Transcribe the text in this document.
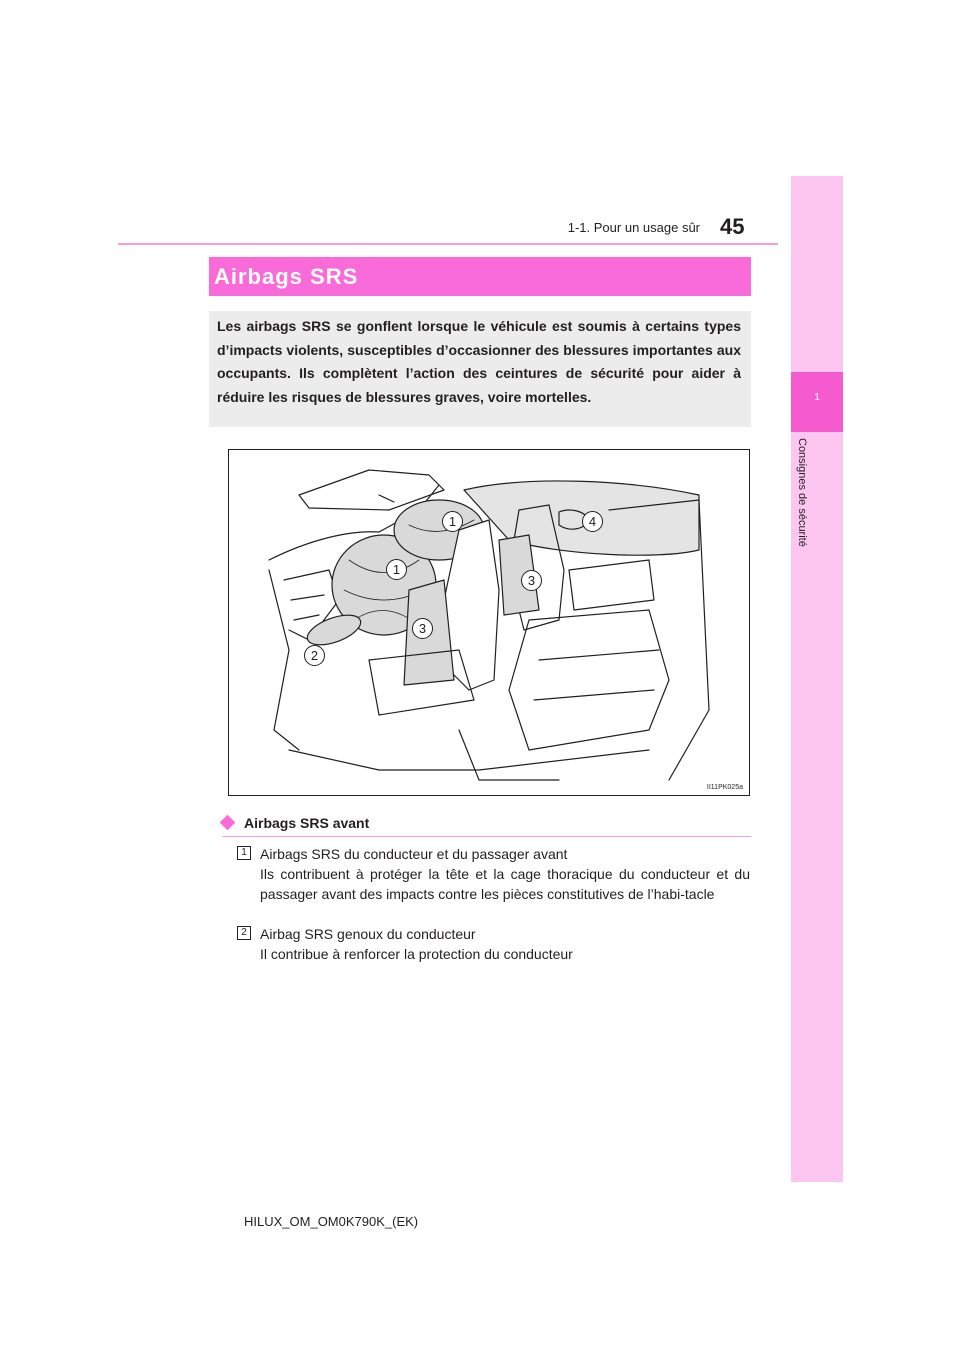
1-1. Pour un usage sûr 45
1
Consignes de sécurité
Airbags SRS
Les airbags SRS se gonflent lorsque le véhicule est soumis à certains types d’impacts violents, susceptibles d’occasionner des blessures importantes aux occupants. Ils complètent l’action des ceintures de sécurité pour aider à réduire les risques de blessures graves, voire mortelles.
1
1
2
3
3
4
II11PK025a
Airbags SRS avant
1 Airbags SRS du conducteur et du passager avant
Ils contribuent à protéger la tête et la cage thoracique du conducteur et du passager avant des impacts contre les pièces constitutives de l’habi-tacle
2 Airbag SRS genoux du conducteur
Il contribue à renforcer la protection du conducteur
HILUX_OM_OM0K790K_(EK)
